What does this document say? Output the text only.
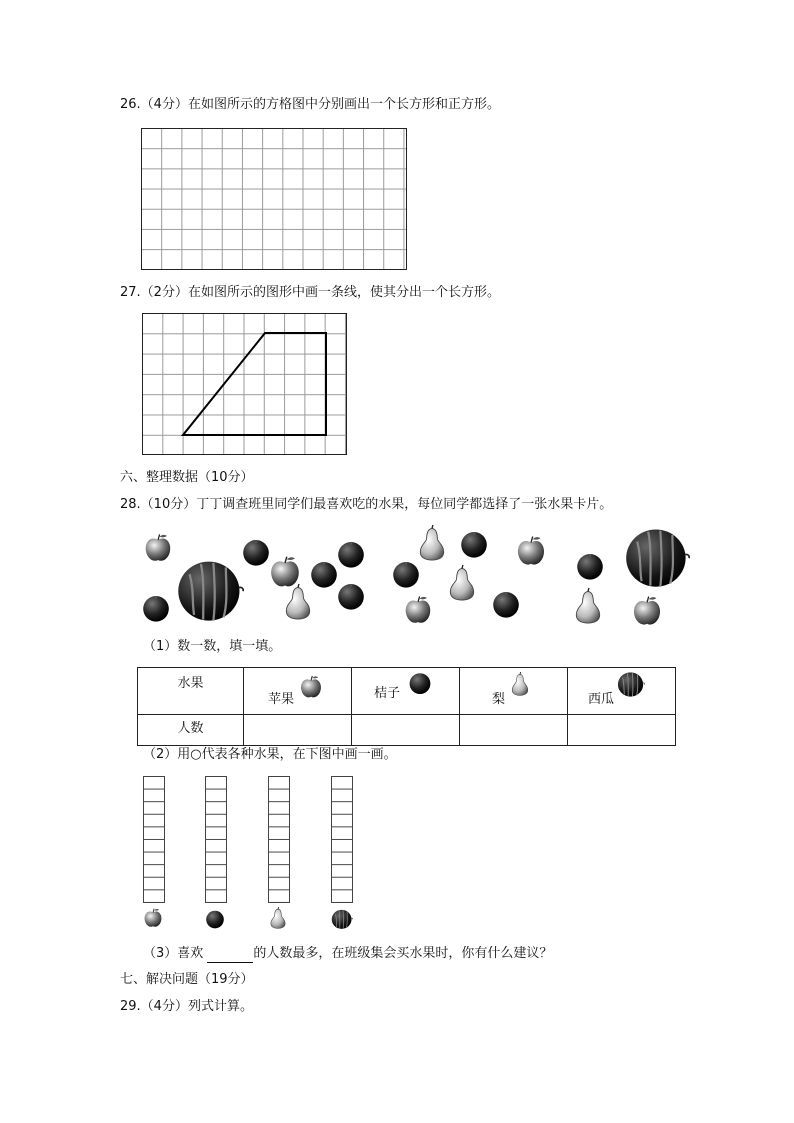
26.（4分）在如图所示的方格图中分别画出一个长方形和正方形。
27.（2分）在如图所示的图形中画一条线，使其分出一个长方形。
六、整理数据（10分）
28.（10分）丁丁调查班里同学们最喜欢吃的水果，每位同学都选择了一张水果卡片。
（1）数一数，填一填。
水果	苹果	桔子	梨	西瓜

人数				

（2）用○代表各种水果，在下图中画一画。
（3）喜欢	的人数最多，在班级集会买水果时，你有什么建议？
七、解决问题（19分）
29.（4分）列式计算。
